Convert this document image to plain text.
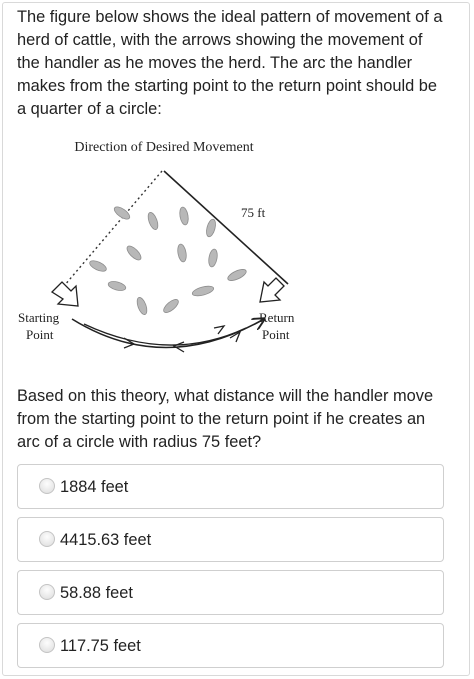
The figure below shows the ideal pattern of movement of a
herd of cattle, with the arrows showing the movement of
the handler as he moves the herd. The arc the handler
makes from the starting point to the return point should be
a quarter of a circle:
Direction of Desired Movement
75 ft
Starting
Point
Return
Point
Based on this theory, what distance will the handler move
from the starting point to the return point if he creates an
arc of a circle with radius 75 feet?
1884 feet
4415.63 feet
58.88 feet
117.75 feet
